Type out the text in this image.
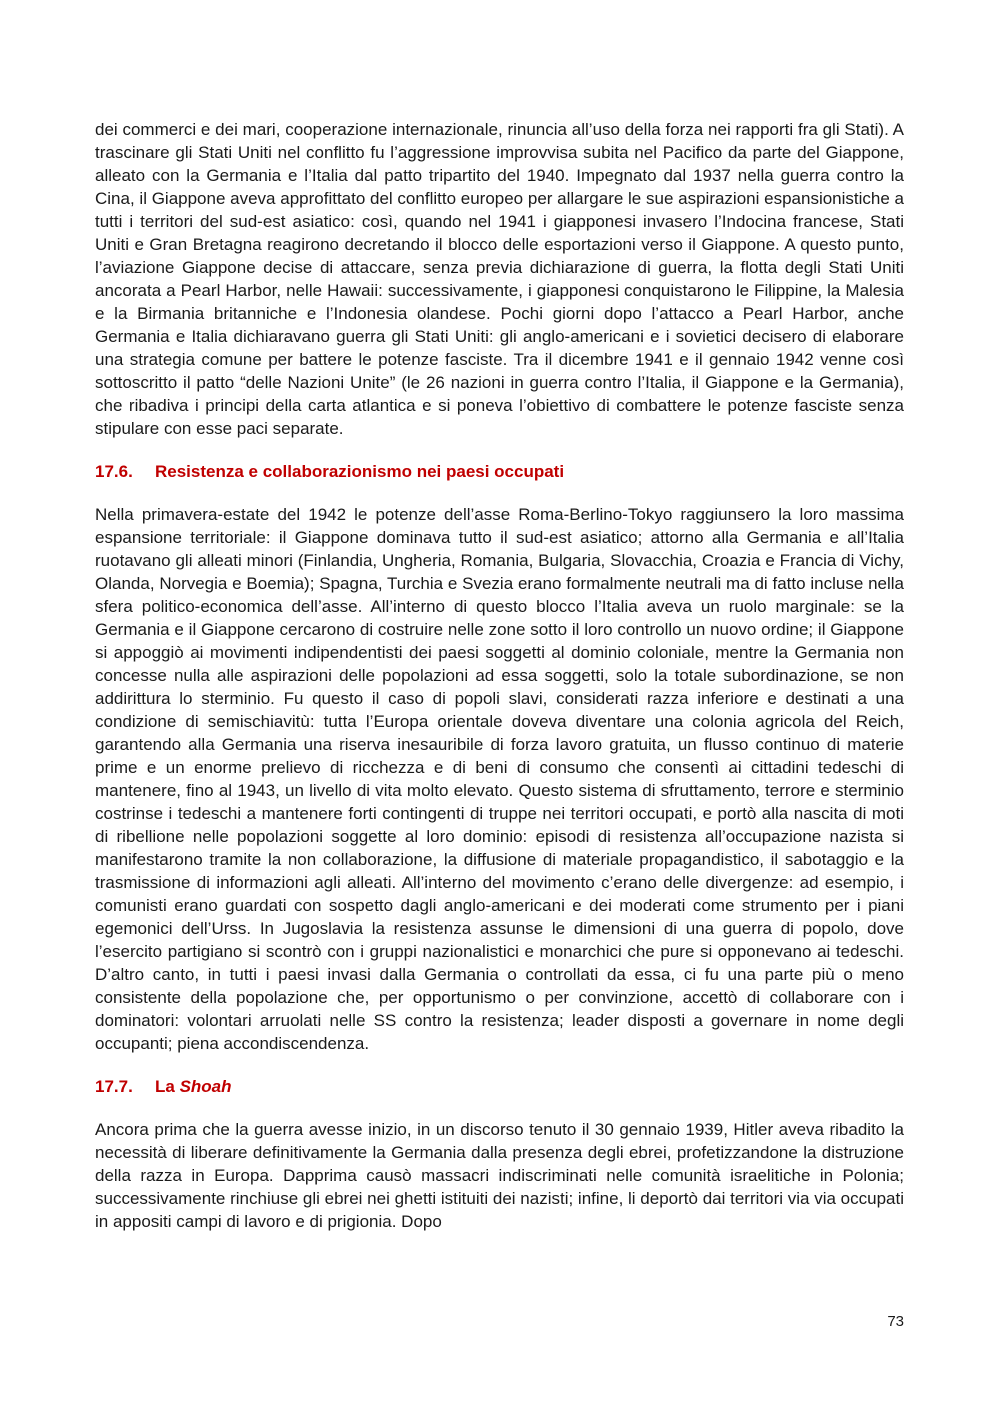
dei commerci e dei mari, cooperazione internazionale, rinuncia all’uso della forza nei rapporti fra gli Stati). A trascinare gli Stati Uniti nel conflitto fu l’aggressione improvvisa subita nel Pacifico da parte del Giappone, alleato con la Germania e l’Italia dal patto tripartito del 1940. Impegnato dal 1937 nella guerra contro la Cina, il Giappone aveva approfittato del conflitto europeo per allargare le sue aspirazioni espansionistiche a tutti i territori del sud-est asiatico: così, quando nel 1941 i giapponesi invasero l’Indocina francese, Stati Uniti e Gran Bretagna reagirono decretando il blocco delle esportazioni verso il Giappone. A questo punto, l’aviazione Giappone decise di attaccare, senza previa dichiarazione di guerra, la flotta degli Stati Uniti ancorata a Pearl Harbor, nelle Hawaii: successivamente, i giapponesi conquistarono le Filippine, la Malesia e la Birmania britanniche e l’Indonesia olandese. Pochi giorni dopo l’attacco a Pearl Harbor, anche Germania e Italia dichiaravano guerra gli Stati Uniti: gli anglo-americani e i sovietici decisero di elaborare una strategia comune per battere le potenze fasciste. Tra il dicembre 1941 e il gennaio 1942 venne così sottoscritto il patto “delle Nazioni Unite” (le 26 nazioni in guerra contro l’Italia, il Giappone e la Germania), che ribadiva i principi della carta atlantica e si poneva l’obiettivo di combattere le potenze fasciste senza stipulare con esse paci separate.

17.6. Resistenza e collaborazionismo nei paesi occupati

Nella primavera-estate del 1942 le potenze dell’asse Roma-Berlino-Tokyo raggiunsero la loro massima espansione territoriale: il Giappone dominava tutto il sud-est asiatico; attorno alla Germania e all’Italia ruotavano gli alleati minori (Finlandia, Ungheria, Romania, Bulgaria, Slovacchia, Croazia e Francia di Vichy, Olanda, Norvegia e Boemia); Spagna, Turchia e Svezia erano formalmente neutrali ma di fatto incluse nella sfera politico-economica dell’asse. All’interno di questo blocco l’Italia aveva un ruolo marginale: se la Germania e il Giappone cercarono di costruire nelle zone sotto il loro controllo un nuovo ordine; il Giappone si appoggiò ai movimenti indipendentisti dei paesi soggetti al dominio coloniale, mentre la Germania non concesse nulla alle aspirazioni delle popolazioni ad essa soggetti, solo la totale subordinazione, se non addirittura lo sterminio. Fu questo il caso di popoli slavi, considerati razza inferiore e destinati a una condizione di semischiavitù: tutta l’Europa orientale doveva diventare una colonia agricola del Reich, garantendo alla Germania una riserva inesauribile di forza lavoro gratuita, un flusso continuo di materie prime e un enorme prelievo di ricchezza e di beni di consumo che consentì ai cittadini tedeschi di mantenere, fino al 1943, un livello di vita molto elevato. Questo sistema di sfruttamento, terrore e sterminio costrinse i tedeschi a mantenere forti contingenti di truppe nei territori occupati, e portò alla nascita di moti di ribellione nelle popolazioni soggette al loro dominio: episodi di resistenza all’occupazione nazista si manifestarono tramite la non collaborazione, la diffusione di materiale propagandistico, il sabotaggio e la trasmissione di informazioni agli alleati. All’interno del movimento c’erano delle divergenze: ad esempio, i comunisti erano guardati con sospetto dagli anglo-americani e dei moderati come strumento per i piani egemonici dell’Urss. In Jugoslavia la resistenza assunse le dimensioni di una guerra di popolo, dove l’esercito partigiano si scontrò con i gruppi nazionalistici e monarchici che pure si opponevano ai tedeschi. D’altro canto, in tutti i paesi invasi dalla Germania o controllati da essa, ci fu una parte più o meno consistente della popolazione che, per opportunismo o per convinzione, accettò di collaborare con i dominatori: volontari arruolati nelle SS contro la resistenza; leader disposti a governare in nome degli occupanti; piena accondiscendenza.

17.7. La Shoah

Ancora prima che la guerra avesse inizio, in un discorso tenuto il 30 gennaio 1939, Hitler aveva ribadito la necessità di liberare definitivamente la Germania dalla presenza degli ebrei, profetizzandone la distruzione della razza in Europa. Dapprima causò massacri indiscriminati nelle comunità israelitiche in Polonia; successivamente rinchiuse gli ebrei nei ghetti istituiti dei nazisti; infine, li deportò dai territori via via occupati in appositi campi di lavoro e di prigionia. Dopo

73
